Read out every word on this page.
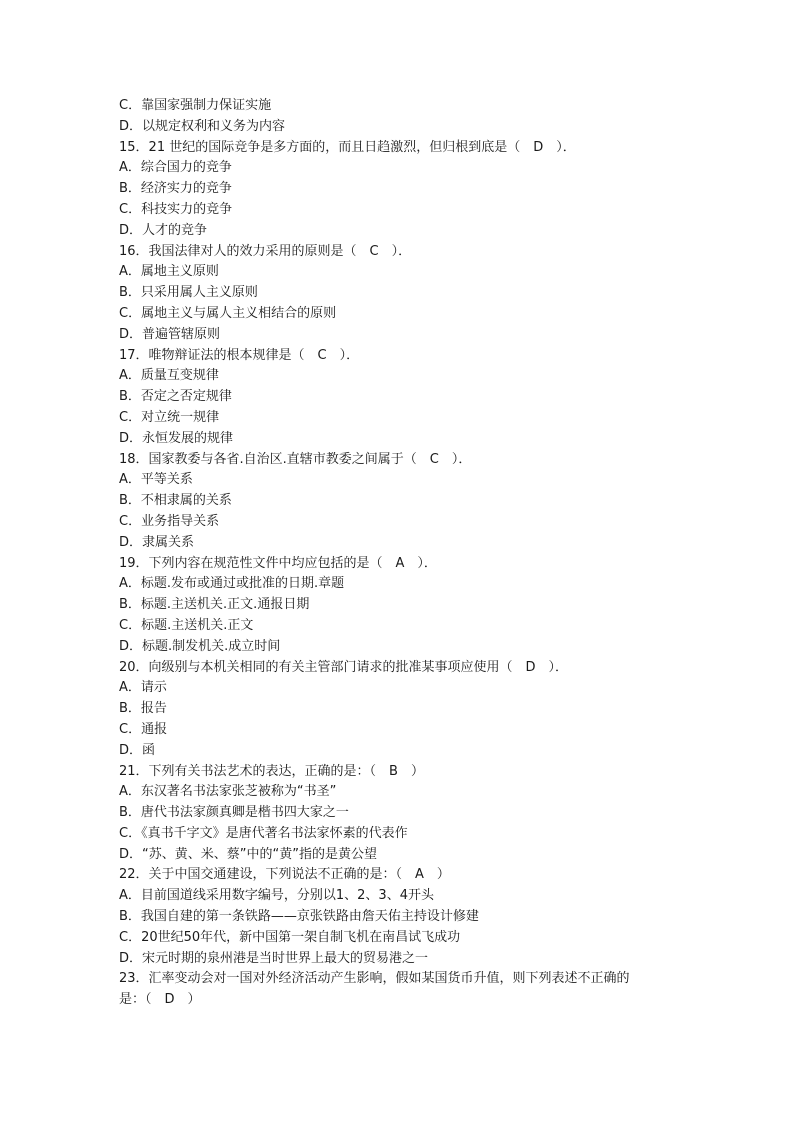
C．靠国家强制力保证实施
D．以规定权利和义务为内容
15．21 世纪的国际竞争是多方面的，而且日趋激烈，但归根到底是（　D　）．
A．综合国力的竞争
B．经济实力的竞争
C．科技实力的竞争
D．人才的竞争
16．我国法律对人的效力采用的原则是（　C　）．
A．属地主义原则
B．只采用属人主义原则
C．属地主义与属人主义相结合的原则
D．普遍管辖原则
17．唯物辩证法的根本规律是（　C　）．
A．质量互变规律
B．否定之否定规律
C．对立统一规律
D．永恒发展的规律
18．国家教委与各省.自治区.直辖市教委之间属于（　C　）．
A．平等关系
B．不相隶属的关系
C．业务指导关系
D．隶属关系
19．下列内容在规范性文件中均应包括的是（　A　）．
A．标题.发布或通过或批准的日期.章题
B．标题.主送机关.正文.通报日期
C．标题.主送机关.正文
D．标题.制发机关.成立时间
20．向级别与本机关相同的有关主管部门请求的批准某事项应使用（　D　）．
A．请示
B．报告
C．通报
D．函
21．下列有关书法艺术的表达，正确的是：（　B　）
A．东汉著名书法家张芝被称为“书圣”
B．唐代书法家颜真卿是楷书四大家之一
C．《真书千字文》是唐代著名书法家怀素的代表作
D．“苏、黄、米、蔡”中的“黄”指的是黄公望
22．关于中国交通建设，下列说法不正确的是：（　A　）
A．目前国道线采用数字编号，分别以1、2、3、4开头
B．我国自建的第一条铁路——京张铁路由詹天佑主持设计修建
C．20世纪50年代，新中国第一架自制飞机在南昌试飞成功
D．宋元时期的泉州港是当时世界上最大的贸易港之一
23．汇率变动会对一国对外经济活动产生影响，假如某国货币升值，则下列表述不正确的
是：（　D　）
